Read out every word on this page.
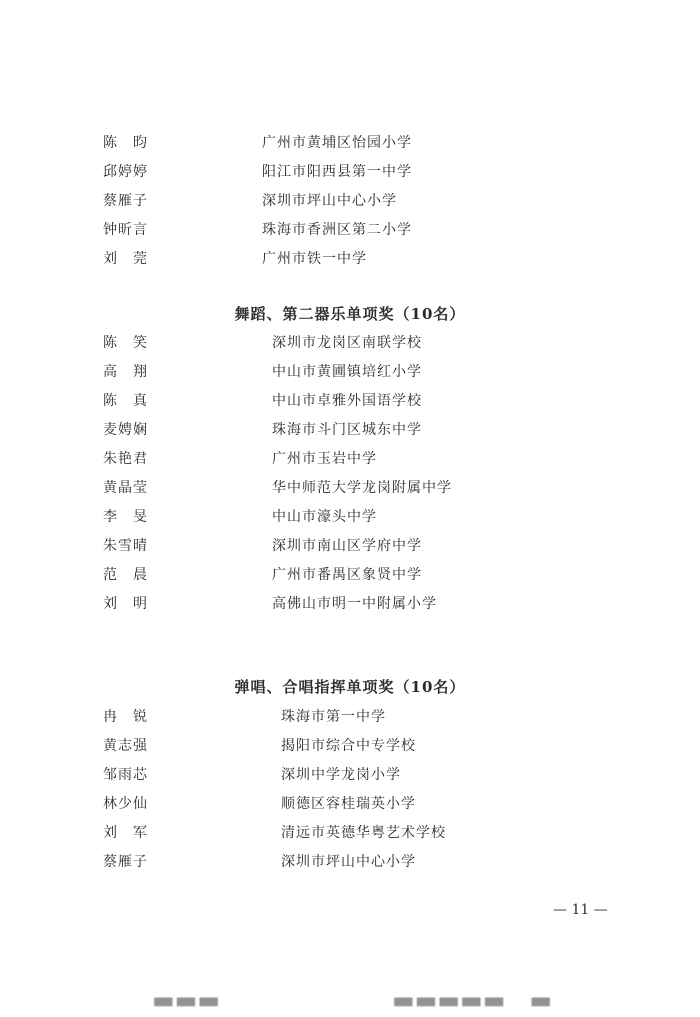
陈　昀	广州市黄埔区怡园小学
邱婷婷	阳江市阳西县第一中学
蔡雁子	深圳市坪山中心小学
钟昕言	珠海市香洲区第二小学
刘　莞	广州市铁一中学
舞蹈、第二器乐单项奖（10名）
陈　笑	深圳市龙岗区南联学校
高　翔	中山市黄圃镇培红小学
陈　真	中山市卓雅外国语学校
麦娉娴	珠海市斗门区城东中学
朱艳君	广州市玉岩中学
黄晶莹	华中师范大学龙岗附属中学
李　旻	中山市濠头中学
朱雪晴	深圳市南山区学府中学
范　晨	广州市番禺区象贤中学
刘　明	高佛山市明一中附属小学
弹唱、合唱指挥单项奖（10名）
冉　锐	珠海市第一中学
黄志强	揭阳市综合中专学校
邹雨芯	深圳中学龙岗小学
林少仙	顺德区容桂瑞英小学
刘　军	清远市英德华粤艺术学校
蔡雁子	深圳市坪山中心小学
— 11 —
▬▬▬	▬▬▬▬▬　▬
